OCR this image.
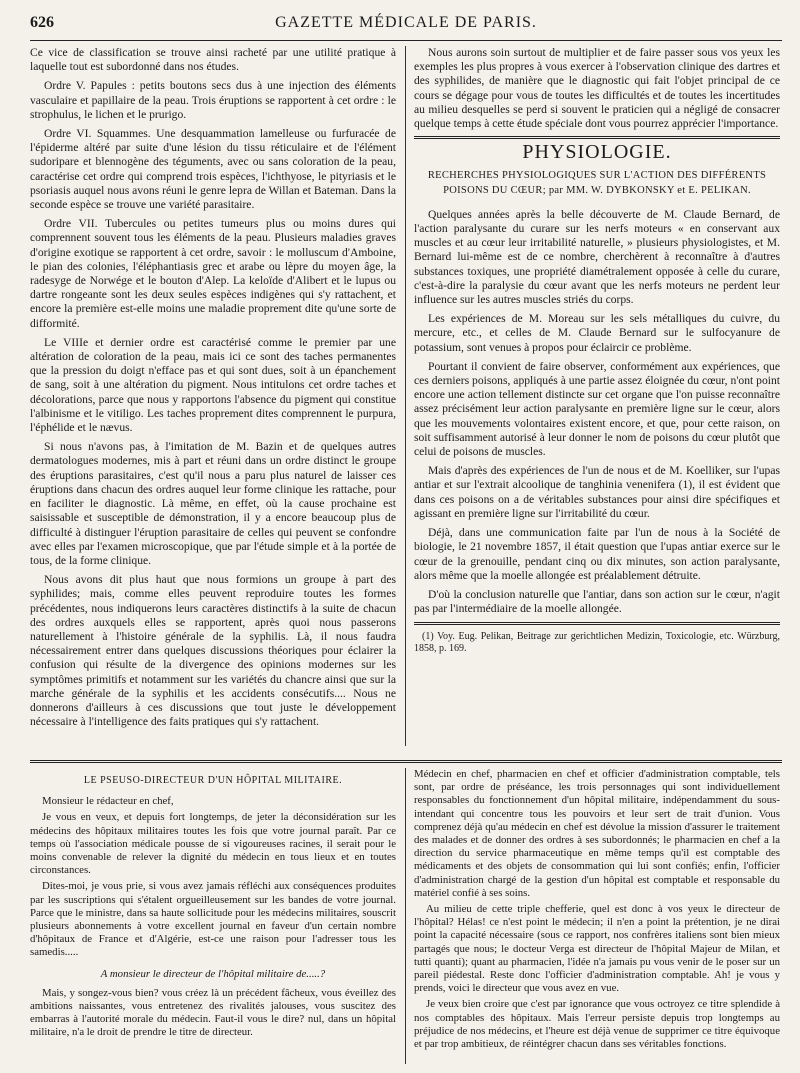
626	GAZETTE MÉDICALE DE PARIS.

Ce vice de classification se trouve ainsi racheté par une utilité pratique à laquelle tout est subordonné dans nos études.

Ordre V. Papules : petits boutons secs dus à une injection des éléments vasculaire et papillaire de la peau. Trois éruptions se rapportent à cet ordre : le strophulus, le lichen et le prurigo.

Ordre VI. Squammes. Une desquammation lamelleuse ou furfuracée de l'épiderme altéré par suite d'une lésion du tissu réticulaire et de l'élément sudoripare et blennogène des téguments, avec ou sans coloration de la peau, caractérise cet ordre qui comprend trois espèces, l'ichthyose, le pityriasis et le psoriasis auquel nous avons réuni le genre lepra de Willan et Bateman. Dans la seconde espèce se trouve une variété parasitaire.

Ordre VII. Tubercules ou petites tumeurs plus ou moins dures qui comprennent souvent tous les éléments de la peau. Plusieurs maladies graves d'origine exotique se rapportent à cet ordre, savoir : le molluscum d'Amboine, le pian des colonies, l'éléphantiasis grec et arabe ou lèpre du moyen âge, la radesyge de Norwége et le bouton d'Alep. La keloïde d'Alibert et le lupus ou dartre rongeante sont les deux seules espèces indigènes qui s'y rattachent, et encore la première est-elle moins une maladie proprement dite qu'une sorte de difformité.

Le VIIIe et dernier ordre est caractérisé comme le premier par une altération de coloration de la peau, mais ici ce sont des taches permanentes que la pression du doigt n'efface pas et qui sont dues, soit à un épanchement de sang, soit à une altération du pigment. Nous intitulons cet ordre taches et décolorations, parce que nous y rapportons l'absence du pigment qui constitue l'albinisme et le vitiligo. Les taches proprement dites comprennent le purpura, l'éphélide et le nævus.

Si nous n'avons pas, à l'imitation de M. Bazin et de quelques autres dermatologues modernes, mis à part et réuni dans un ordre distinct le groupe des éruptions parasitaires, c'est qu'il nous a paru plus naturel de laisser ces éruptions dans chacun des ordres auquel leur forme clinique les rattache, pour en faciliter le diagnostic. Là même, en effet, où la cause prochaine est saisissable et susceptible de démonstration, il y a encore beaucoup plus de difficulté à distinguer l'éruption parasitaire de celles qui peuvent se confondre avec elles par l'examen microscopique, que par l'étude simple et à la portée de tous, de la forme clinique.

Nous avons dit plus haut que nous formions un groupe à part des syphilides; mais, comme elles peuvent reproduire toutes les formes précédentes, nous indiquerons leurs caractères distinctifs à la suite de chacun des ordres auxquels elles se rapportent, après quoi nous passerons naturellement à l'histoire générale de la syphilis. Là, il nous faudra nécessairement entrer dans quelques discussions théoriques pour éclairer la confusion qui résulte de la divergence des opinions modernes sur les symptômes primitifs et notamment sur les variétés du chancre ainsi que sur la marche générale de la syphilis et les accidents consécutifs.... Nous ne donnerons d'ailleurs à ces discussions que tout juste le développement nécessaire à l'intelligence des faits pratiques qui s'y rattachent.

Nous aurons soin surtout de multiplier et de faire passer sous vos yeux les exemples les plus propres à vous exercer à l'observation clinique des dartres et des syphilides, de manière que le diagnostic qui fait l'objet principal de ce cours se dégage pour vous de toutes les difficultés et de toutes les incertitudes au milieu desquelles se perd si souvent le praticien qui a négligé de consacrer quelque temps à cette étude spéciale dont vous pourrez apprécier l'importance.

PHYSIOLOGIE.
RECHERCHES PHYSIOLOGIQUES SUR L'ACTION DES DIFFÉRENTS POISONS DU CŒUR; par MM. W. DYBKONSKY et E. PELIKAN.

Quelques années après la belle découverte de M. Claude Bernard, de l'action paralysante du curare sur les nerfs moteurs « en conservant aux muscles et au cœur leur irritabilité naturelle, » plusieurs physiologistes, et M. Bernard lui-même est de ce nombre, cherchèrent à reconnaître à d'autres substances toxiques, une propriété diamétralement opposée à celle du curare, c'est-à-dire la paralysie du cœur avant que les nerfs moteurs ne perdent leur influence sur les autres muscles striés du corps.

Les expériences de M. Moreau sur les sels métalliques du cuivre, du mercure, etc., et celles de M. Claude Bernard sur le sulfocyanure de potassium, sont venues à propos pour éclaircir ce problème.

Pourtant il convient de faire observer, conformément aux expériences, que ces derniers poisons, appliqués à une partie assez éloignée du cœur, n'ont point encore une action tellement distincte sur cet organe que l'on puisse reconnaître assez précisément leur action paralysante en première ligne sur le cœur, alors que les mouvements volontaires existent encore, et que, pour cette raison, on soit suffisamment autorisé à leur donner le nom de poisons du cœur plutôt que celui de poisons de muscles.

Mais d'après des expériences de l'un de nous et de M. Koelliker, sur l'upas antiar et sur l'extrait alcoolique de tanghinia venenifera (1), il est évident que dans ces poisons on a de véritables substances pour ainsi dire spécifiques et agissant en première ligne sur l'irritabilité du cœur.

Déjà, dans une communication faite par l'un de nous à la Société de biologie, le 21 novembre 1857, il était question que l'upas antiar exerce sur le cœur de la grenouille, pendant cinq ou dix minutes, son action paralysante, alors même que la moelle allongée est préalablement détruite.

D'où la conclusion naturelle que l'antiar, dans son action sur le cœur, n'agit pas par l'intermédiaire de la moelle allongée.

(1) Voy. Eug. Pelikan, Beitrage zur gerichtlichen Medizin, Toxicologie, etc. Würzburg, 1858, p. 169.
LE PSEUSO-DIRECTEUR D'UN HÔPITAL MILITAIRE.

Monsieur le rédacteur en chef,

Je vous en veux, et depuis fort longtemps, de jeter la déconsidération sur les médecins des hôpitaux militaires toutes les fois que votre journal paraît. Par ce temps où l'association médicale pousse de si vigoureuses racines, il serait pour le moins convenable de relever la dignité du médecin en tous lieux et en toutes circonstances.

Dites-moi, je vous prie, si vous avez jamais réfléchi aux conséquences produites par les suscriptions qui s'étalent orgueilleusement sur les bandes de votre journal. Parce que le ministre, dans sa haute sollicitude pour les médecins militaires, souscrit plusieurs abonnements à votre excellent journal en faveur d'un certain nombre d'hôpitaux de France et d'Algérie, est-ce une raison pour l'adresser tous les samedis.....

A monsieur le directeur de l'hôpital militaire de.....?

Mais, y songez-vous bien? vous créez là un précédent fâcheux, vous éveillez des ambitions naissantes, vous entretenez des rivalités jalouses, vous suscitez des embarras à l'autorité morale du médecin. Faut-il vous le dire? nul, dans un hôpital militaire, n'a le droit de prendre le titre de directeur.

Médecin en chef, pharmacien en chef et officier d'administration comptable, tels sont, par ordre de préséance, les trois personnages qui sont individuellement responsables du fonctionnement d'un hôpital militaire, indépendamment du sous-intendant qui concentre tous les pouvoirs et leur sert de trait d'union. Vous comprenez déjà qu'au médecin en chef est dévolue la mission d'assurer le traitement des malades et de donner des ordres à ses subordonnés; le pharmacien en chef a la direction du service pharmaceutique en même temps qu'il est comptable des médicaments et des objets de consommation qui lui sont confiés; enfin, l'officier d'administration chargé de la gestion d'un hôpital est comptable et responsable du matériel confié à ses soins.

Au milieu de cette triple chefferie, quel est donc à vos yeux le directeur de l'hôpital? Hélas! ce n'est point le médecin; il n'en a point la prétention, je ne dirai point la capacité nécessaire (sous ce rapport, nos confrères italiens sont bien mieux partagés que nous; le docteur Verga est directeur de l'hôpital Majeur de Milan, et tutti quanti); quant au pharmacien, l'idée n'a jamais pu vous venir de le poser sur un pareil piédestal. Reste donc l'officier d'administration comptable. Ah! je vous y prends, voici le directeur que vous avez en vue.

Je veux bien croire que c'est par ignorance que vous octroyez ce titre splendide à nos comptables des hôpitaux. Mais l'erreur persiste depuis trop longtemps au préjudice de nos médecins, et l'heure est déjà venue de supprimer ce titre équivoque et par trop ambitieux, de réintégrer chacun dans ses véritables fonctions.
